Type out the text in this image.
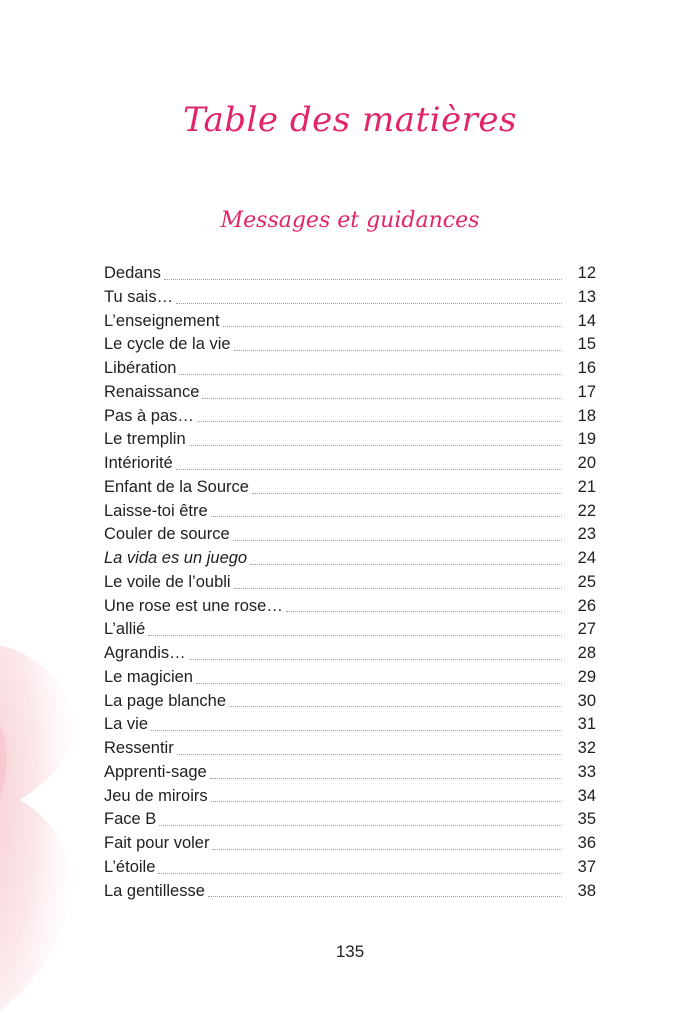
Table des matières
Messages et guidances
Dedans	12
Tu sais…	13
L’enseignement	14
Le cycle de la vie	15
Libération	16
Renaissance	17
Pas à pas…	18
Le tremplin	19
Intériorité	20
Enfant de la Source	21
Laisse-toi être	22
Couler de source	23
La vida es un juego	24
Le voile de l’oubli	25
Une rose est une rose…	26
L’allié	27
Agrandis…	28
Le magicien	29
La page blanche	30
La vie	31
Ressentir	32
Apprenti-sage	33
Jeu de miroirs	34
Face B	35
Fait pour voler	36
L’étoile	37
La gentillesse	38
135
